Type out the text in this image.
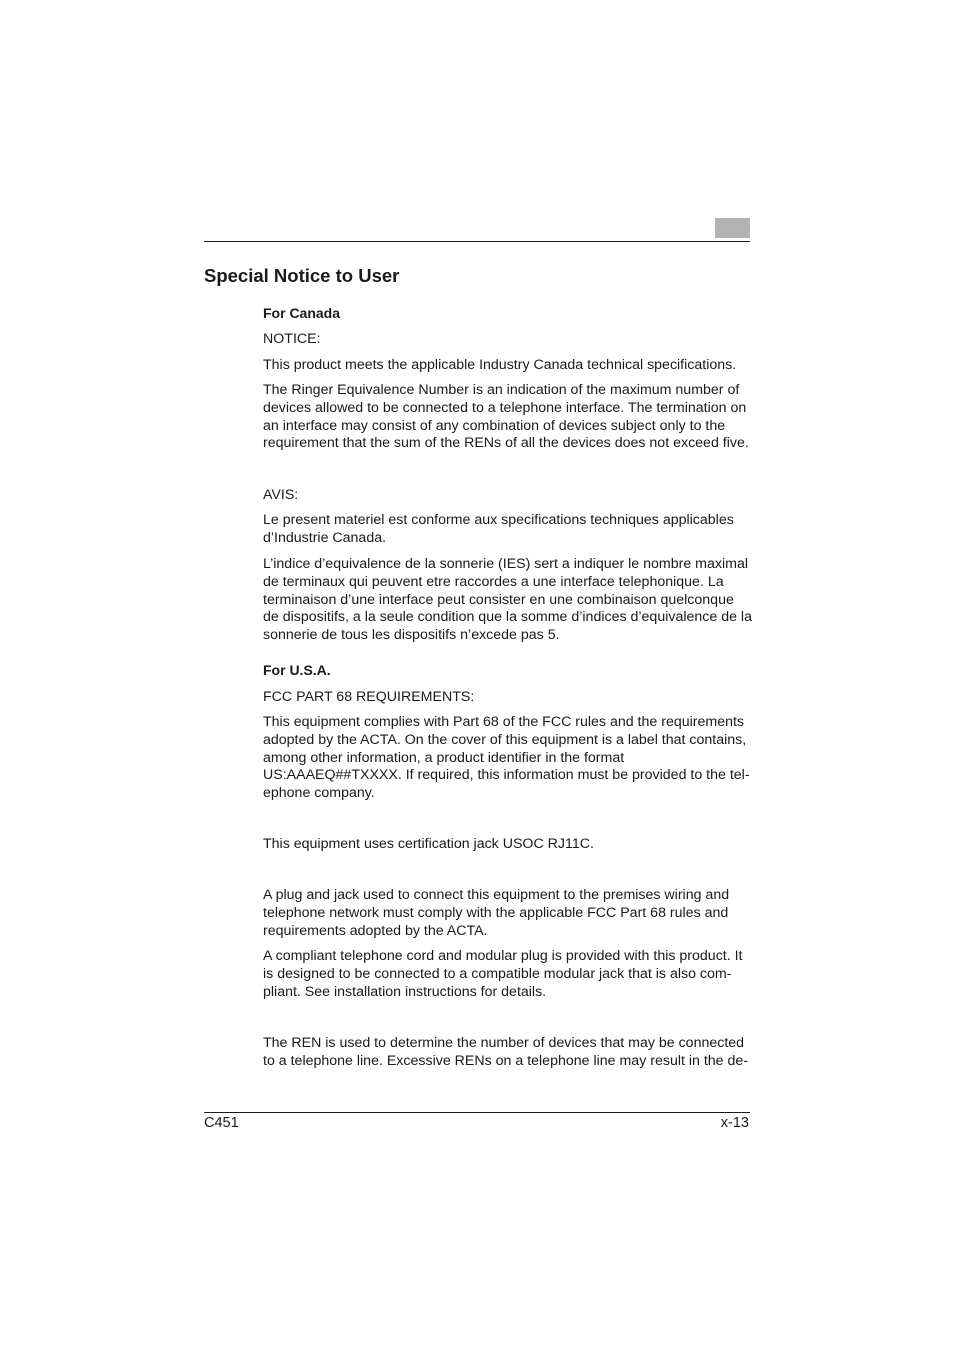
Special Notice to User

For Canada

NOTICE:

This product meets the applicable Industry Canada technical specifications.

The Ringer Equivalence Number is an indication of the maximum number of devices allowed to be connected to a telephone interface. The termination on an interface may consist of any combination of devices subject only to the requirement that the sum of the RENs of all the devices does not exceed five.

AVIS:

Le present materiel est conforme aux specifications techniques applicables d’Industrie Canada.

L’indice d’equivalence de la sonnerie (IES) sert a indiquer le nombre maximal de terminaux qui peuvent etre raccordes a une interface telephonique. La terminaison d’une interface peut consister en une combinaison quelconque de dispositifs, a la seule condition que la somme d’indices d’equivalence de la sonnerie de tous les dispositifs n’excede pas 5.

For U.S.A.

FCC PART 68 REQUIREMENTS:

This equipment complies with Part 68 of the FCC rules and the requirements adopted by the ACTA. On the cover of this equipment is a label that contains, among other information, a product identifier in the format US:AAAEQ##TXXXX. If required, this information must be provided to the tel-ephone company.

This equipment uses certification jack USOC RJ11C.

A plug and jack used to connect this equipment to the premises wiring and telephone network must comply with the applicable FCC Part 68 rules and requirements adopted by the ACTA.

A compliant telephone cord and modular plug is provided with this product. It is designed to be connected to a compatible modular jack that is also com-pliant. See installation instructions for details.

The REN is used to determine the number of devices that may be connected to a telephone line. Excessive RENs on a telephone line may result in the de-

C451	x-13
